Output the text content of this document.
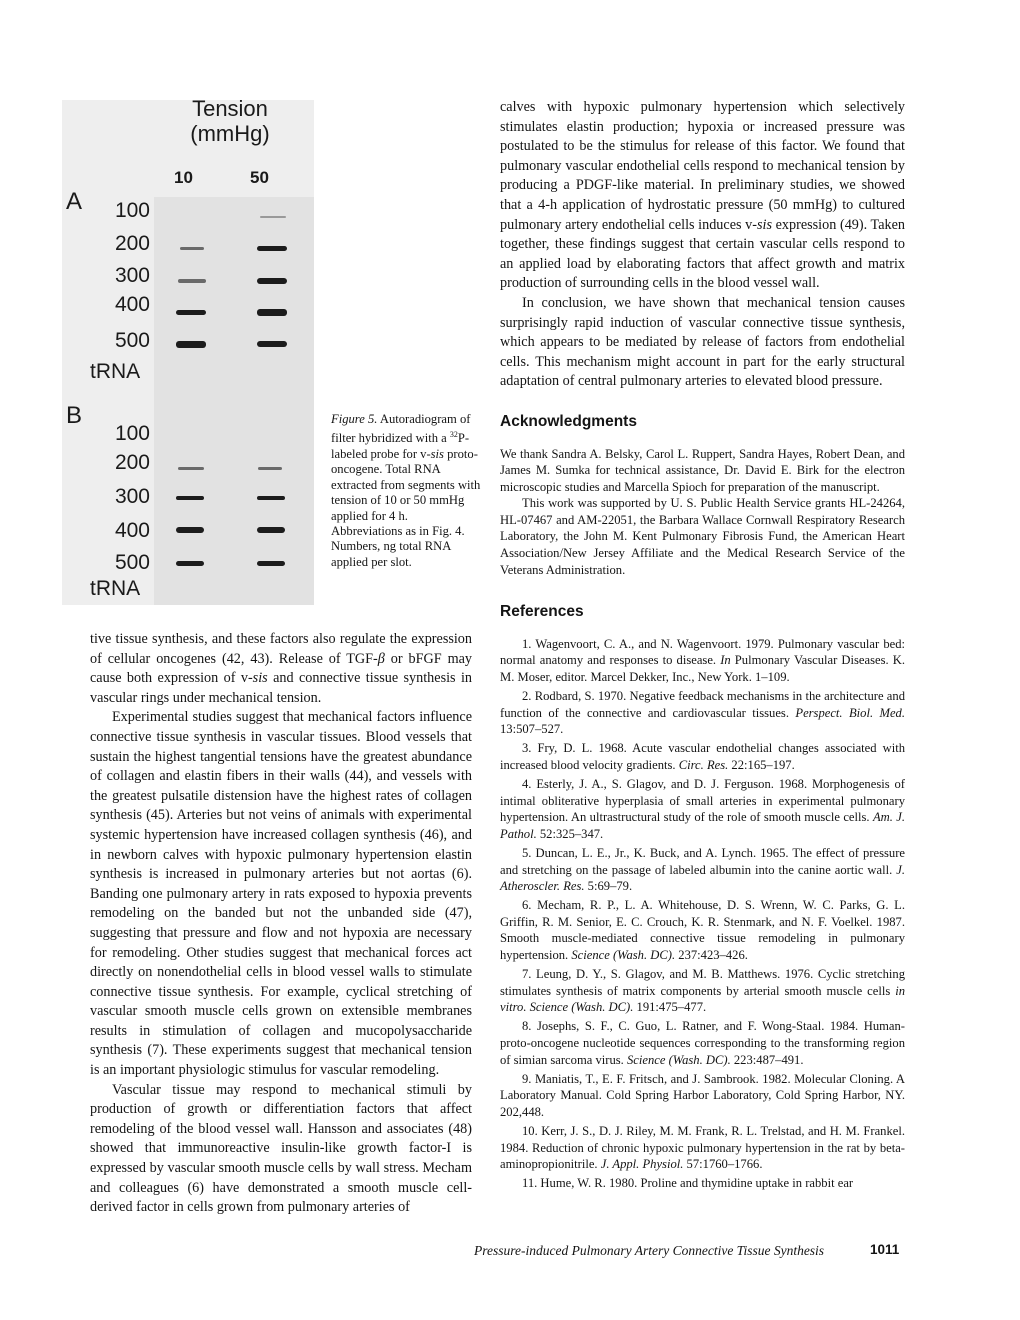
Tension
(mmHg)
10	50
A	100
200
300
400
500
tRNA
B
100
200
300
400
500
tRNA
Figure 5. Autoradiogram of filter hybridized with a $^{32}$P-labeled probe for v-sis proto-oncogene. Total RNA extracted from segments with tension of 10 or 50 mmHg applied for 4 h. Abbreviations as in Fig. 4. Numbers, ng total RNA applied per slot.

tive tissue synthesis, and these factors also regulate the expression of cellular oncogenes (42, 43). Release of TGF-β or bFGF may cause both expression of v-sis and connective tissue synthesis in vascular rings under mechanical tension.

Experimental studies suggest that mechanical factors influence connective tissue synthesis in vascular tissues. Blood vessels that sustain the highest tangential tensions have the greatest abundance of collagen and elastin fibers in their walls (44), and vessels with the greatest pulsatile distension have the highest rates of collagen synthesis (45). Arteries but not veins of animals with experimental systemic hypertension have increased collagen synthesis (46), and in newborn calves with hypoxic pulmonary hypertension elastin synthesis is increased in pulmonary arteries but not aortas (6). Banding one pulmonary artery in rats exposed to hypoxia prevents remodeling on the banded but not the unbanded side (47), suggesting that pressure and flow and not hypoxia are necessary for remodeling. Other studies suggest that mechanical forces act directly on nonendothelial cells in blood vessel walls to stimulate connective tissue synthesis. For example, cyclical stretching of vascular smooth muscle cells grown on extensible membranes results in stimulation of collagen and mucopolysaccharide synthesis (7). These experiments suggest that mechanical tension is an important physiologic stimulus for vascular remodeling.

Vascular tissue may respond to mechanical stimuli by production of growth or differentiation factors that affect remodeling of the blood vessel wall. Hansson and associates (48) showed that immunoreactive insulin-like growth factor-I is expressed by vascular smooth muscle cells by wall stress. Mecham and colleagues (6) have demonstrated a smooth muscle cell-derived factor in cells grown from pulmonary arteries of

calves with hypoxic pulmonary hypertension which selectively stimulates elastin production; hypoxia or increased pressure was postulated to be the stimulus for release of this factor. We found that pulmonary vascular endothelial cells respond to mechanical tension by producing a PDGF-like material. In preliminary studies, we showed that a 4-h application of hydrostatic pressure (50 mmHg) to cultured pulmonary artery endothelial cells induces v-sis expression (49). Taken together, these findings suggest that certain vascular cells respond to an applied load by elaborating factors that affect growth and matrix production of surrounding cells in the blood vessel wall.

In conclusion, we have shown that mechanical tension causes surprisingly rapid induction of vascular connective tissue synthesis, which appears to be mediated by release of factors from endothelial cells. This mechanism might account in part for the early structural adaptation of central pulmonary arteries to elevated blood pressure.

Acknowledgments

We thank Sandra A. Belsky, Carol L. Ruppert, Sandra Hayes, Robert Dean, and James M. Sumka for technical assistance, Dr. David E. Birk for the electron microscopic studies and Marcella Spioch for preparation of the manuscript.

This work was supported by U. S. Public Health Service grants HL-24264, HL-07467 and AM-22051, the Barbara Wallace Cornwall Respiratory Research Laboratory, the John M. Kent Pulmonary Fibrosis Fund, the American Heart Association/New Jersey Affiliate and the Medical Research Service of the Veterans Administration.

References

1. Wagenvoort, C. A., and N. Wagenvoort. 1979. Pulmonary vascular bed: normal anatomy and responses to disease. In Pulmonary Vascular Diseases. K. M. Moser, editor. Marcel Dekker, Inc., New York. 1–109.

2. Rodbard, S. 1970. Negative feedback mechanisms in the architecture and function of the connective and cardiovascular tissues. Perspect. Biol. Med. 13:507–527.

3. Fry, D. L. 1968. Acute vascular endothelial changes associated with increased blood velocity gradients. Circ. Res. 22:165–197.

4. Esterly, J. A., S. Glagov, and D. J. Ferguson. 1968. Morphogenesis of intimal obliterative hyperplasia of small arteries in experimental pulmonary hypertension. An ultrastructural study of the role of smooth muscle cells. Am. J. Pathol. 52:325–347.

5. Duncan, L. E., Jr., K. Buck, and A. Lynch. 1965. The effect of pressure and stretching on the passage of labeled albumin into the canine aortic wall. J. Atheroscler. Res. 5:69–79.

6. Mecham, R. P., L. A. Whitehouse, D. S. Wrenn, W. C. Parks, G. L. Griffin, R. M. Senior, E. C. Crouch, K. R. Stenmark, and N. F. Voelkel. 1987. Smooth muscle-mediated connective tissue remodeling in pulmonary hypertension. Science (Wash. DC). 237:423–426.

7. Leung, D. Y., S. Glagov, and M. B. Matthews. 1976. Cyclic stretching stimulates synthesis of matrix components by arterial smooth muscle cells in vitro. Science (Wash. DC). 191:475–477.

8. Josephs, S. F., C. Guo, L. Ratner, and F. Wong-Staal. 1984. Human-proto-oncogene nucleotide sequences corresponding to the transforming region of simian sarcoma virus. Science (Wash. DC). 223:487–491.

9. Maniatis, T., E. F. Fritsch, and J. Sambrook. 1982. Molecular Cloning. A Laboratory Manual. Cold Spring Harbor Laboratory, Cold Spring Harbor, NY. 202,448.

10. Kerr, J. S., D. J. Riley, M. M. Frank, R. L. Trelstad, and H. M. Frankel. 1984. Reduction of chronic hypoxic pulmonary hypertension in the rat by beta-aminopropionitrile. J. Appl. Physiol. 57:1760–1766.

11. Hume, W. R. 1980. Proline and thymidine uptake in rabbit ear

Pressure-induced Pulmonary Artery Connective Tissue Synthesis	1011
